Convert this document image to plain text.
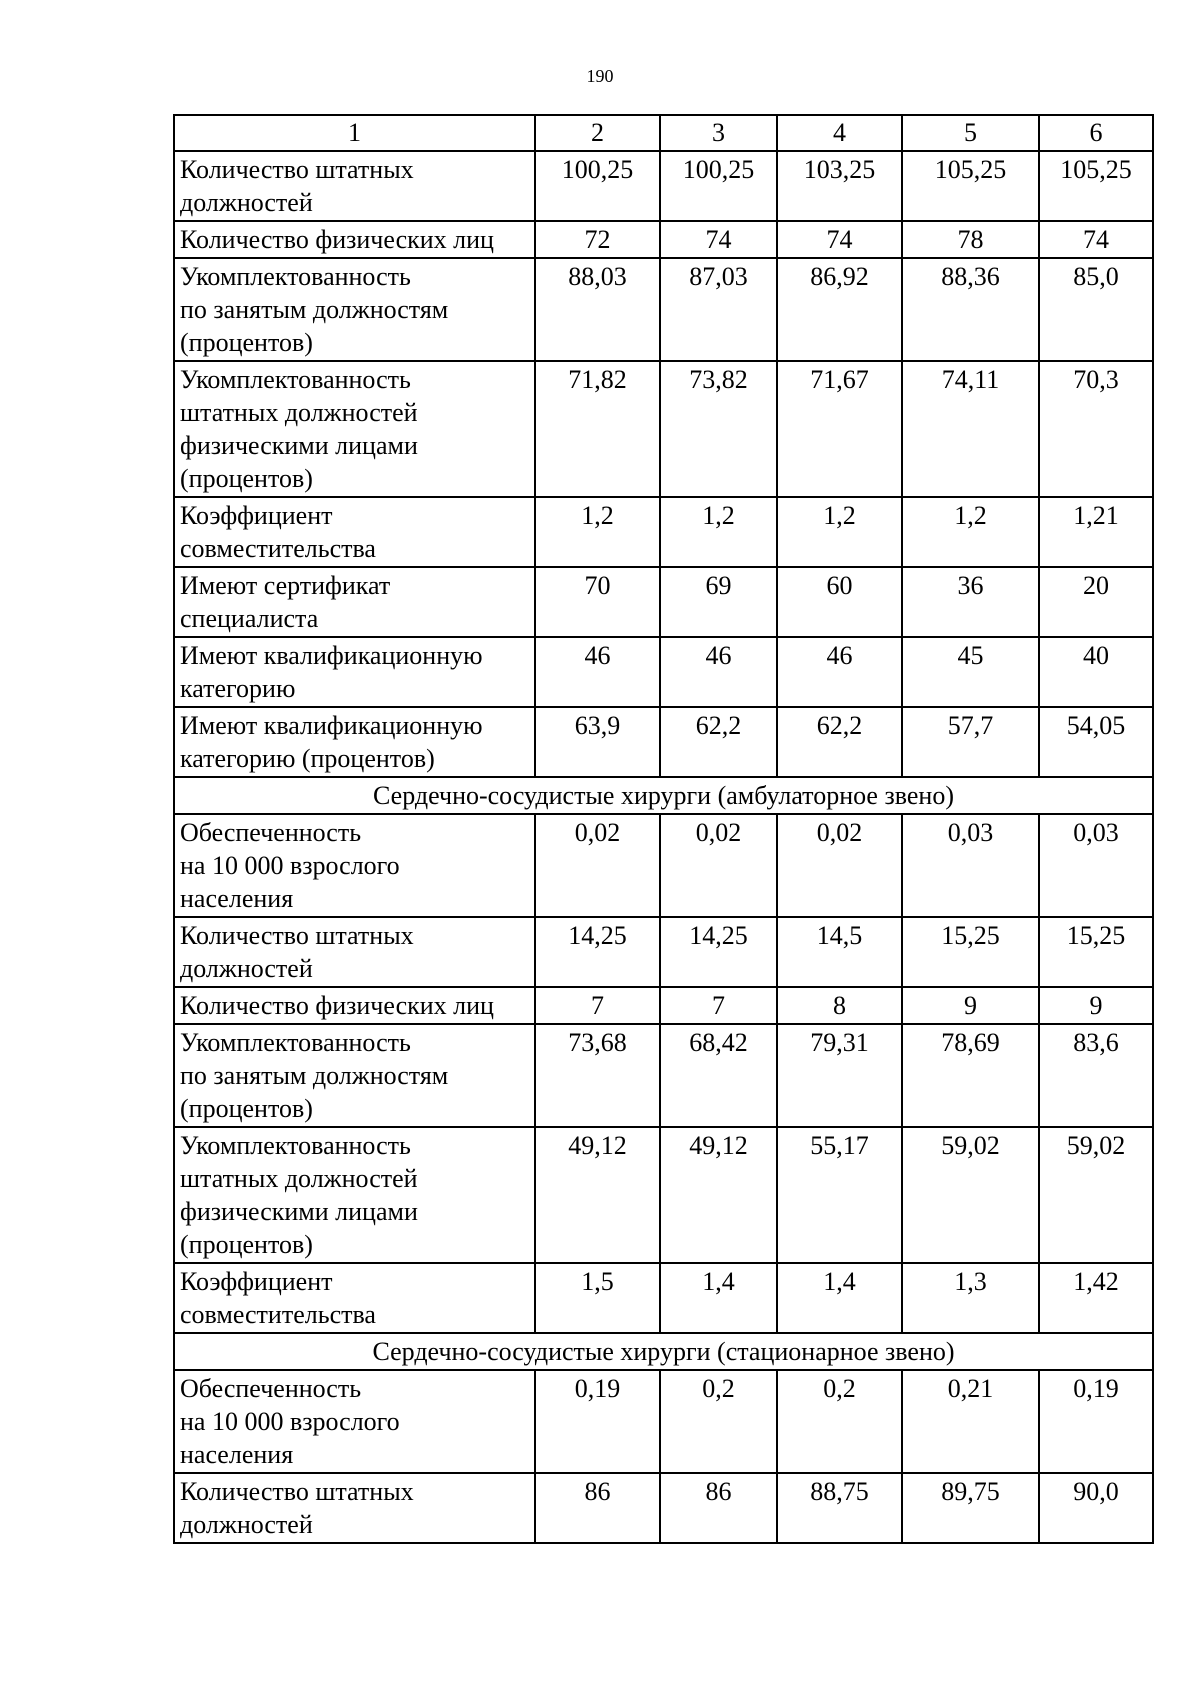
190
1	2	3	4	5	6
Количество штатных
должностей	100,25	100,25	103,25	105,25	105,25
Количество физических лиц	72	74	74	78	74
Укомплектованность
по занятым должностям
(процентов)	88,03	87,03	86,92	88,36	85,0
Укомплектованность
штатных должностей
физическими лицами
(процентов)	71,82	73,82	71,67	74,11	70,3
Коэффициент
совместительства	1,2	1,2	1,2	1,2	1,21
Имеют сертификат
специалиста	70	69	60	36	20
Имеют квалификационную
категорию	46	46	46	45	40
Имеют квалификационную
категорию (процентов)	63,9	62,2	62,2	57,7	54,05
Сердечно-сосудистые хирурги (амбулаторное звено)					
Обеспеченность
на 10 000 взрослого
населения	0,02	0,02	0,02	0,03	0,03
Количество штатных
должностей	14,25	14,25	14,5	15,25	15,25
Количество физических лиц	7	7	8	9	9
Укомплектованность
по занятым должностям
(процентов)	73,68	68,42	79,31	78,69	83,6
Укомплектованность
штатных должностей
физическими лицами
(процентов)	49,12	49,12	55,17	59,02	59,02
Коэффициент
совместительства	1,5	1,4	1,4	1,3	1,42
Сердечно-сосудистые хирурги (стационарное звено)					
Обеспеченность
на 10 000 взрослого
населения	0,19	0,2	0,2	0,21	0,19
Количество штатных
должностей	86	86	88,75	89,75	90,0
